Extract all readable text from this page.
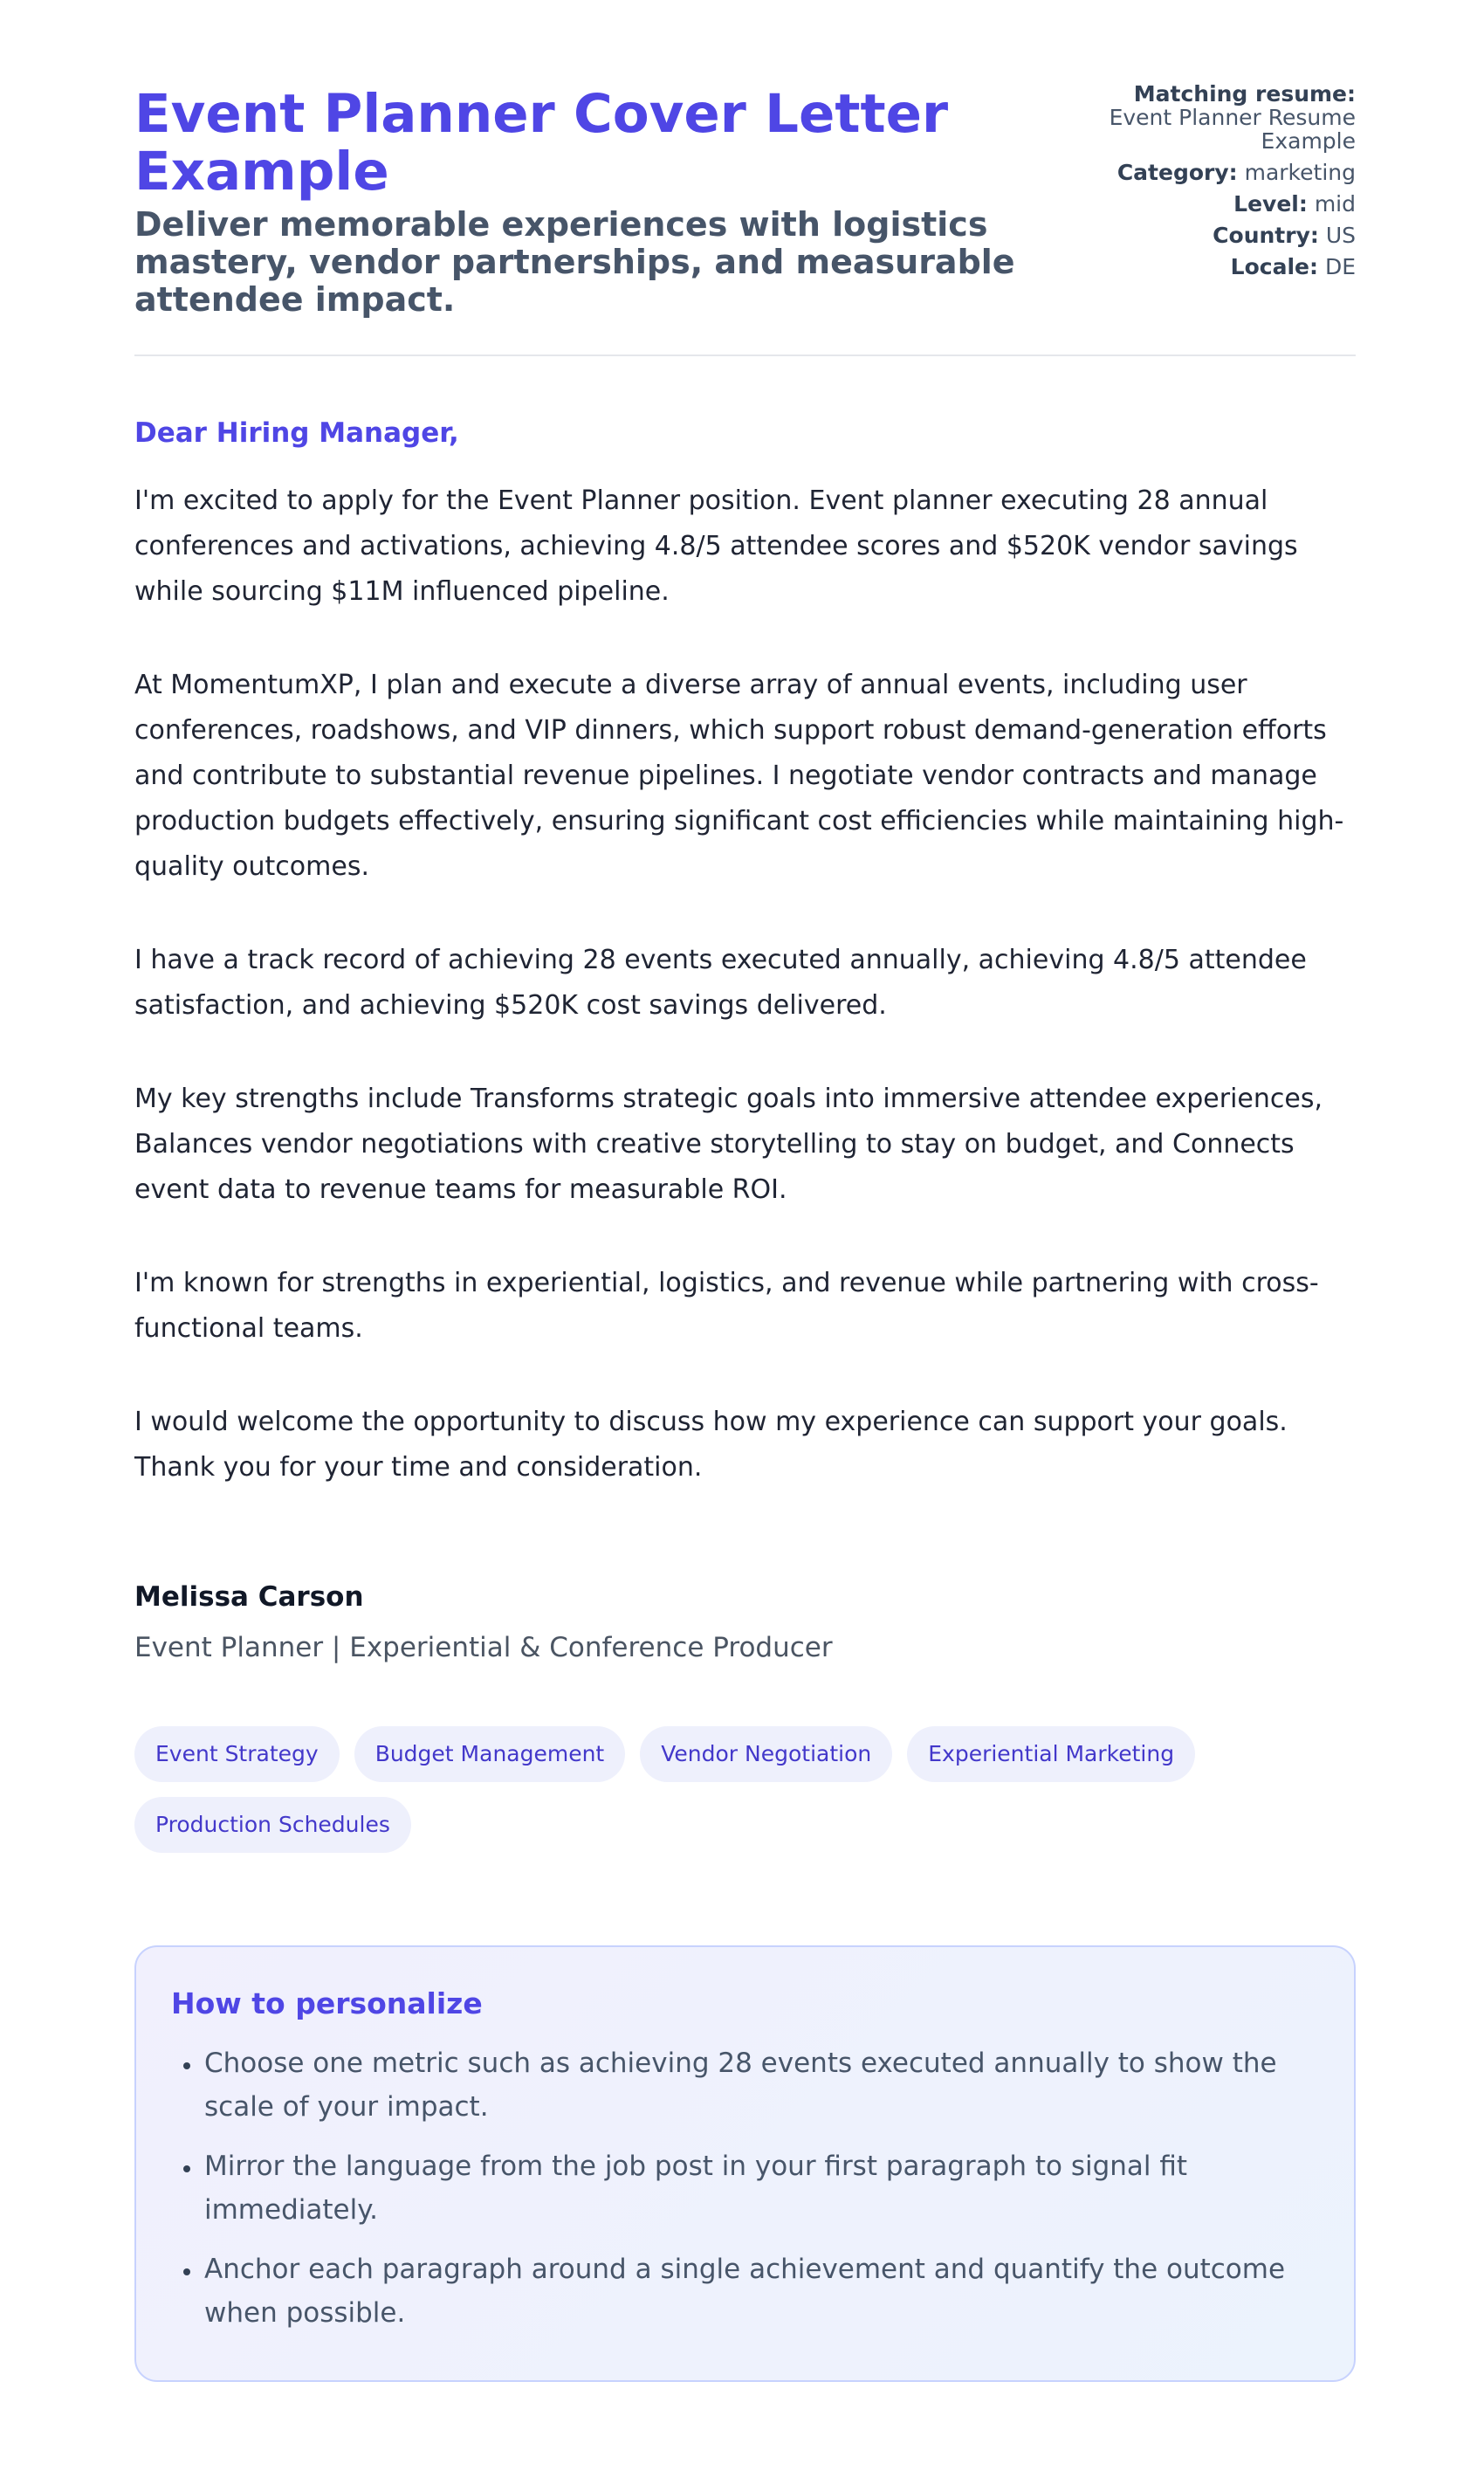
Event Planner Cover Letter Example
Deliver memorable experiences with logistics mastery, vendor partnerships, and measurable attendee impact.
Matching resume:
Event Planner Resume Example
Category: marketing
Level: mid
Country: US
Locale: DE

Dear Hiring Manager,

I'm excited to apply for the Event Planner position. Event planner executing 28 annual conferences and activations, achieving 4.8/5 attendee scores and $520K vendor savings while sourcing $11M influenced pipeline.

At MomentumXP, I plan and execute a diverse array of annual events, including user conferences, roadshows, and VIP dinners, which support robust demand-generation efforts and contribute to substantial revenue pipelines. I negotiate vendor contracts and manage production budgets effectively, ensuring significant cost efficiencies while maintaining high-quality outcomes.

I have a track record of achieving 28 events executed annually, achieving 4.8/5 attendee satisfaction, and achieving $520K cost savings delivered.

My key strengths include Transforms strategic goals into immersive attendee experiences, Balances vendor negotiations with creative storytelling to stay on budget, and Connects event data to revenue teams for measurable ROI.

I'm known for strengths in experiential, logistics, and revenue while partnering with cross-functional teams.

I would welcome the opportunity to discuss how my experience can support your goals. Thank you for your time and consideration.

Melissa Carson

Event Planner | Experiential & Conference Producer

Event Strategy	Budget Management	Vendor Negotiation	Experiential Marketing
Production Schedules
How to personalize
• Choose one metric such as achieving 28 events executed annually to show the scale of your impact.
• Mirror the language from the job post in your first paragraph to signal fit immediately.
• Anchor each paragraph around a single achievement and quantify the outcome when possible.
